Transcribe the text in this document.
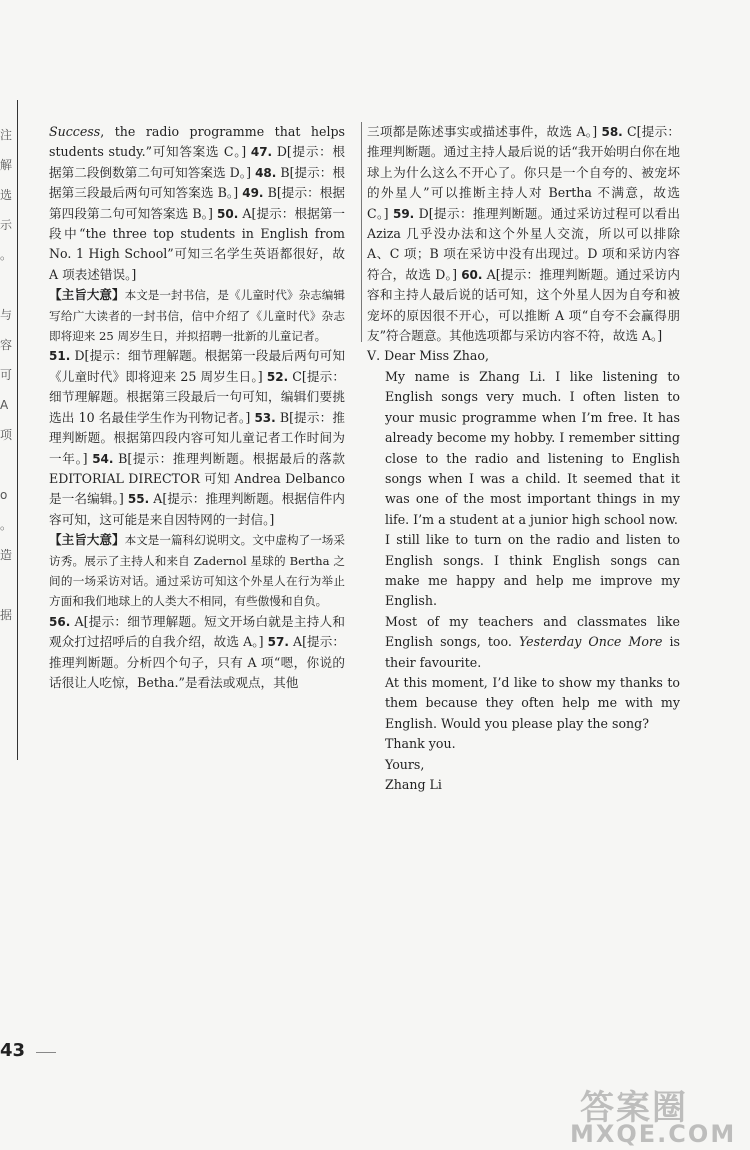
注
解
选
示
。
与
容
可
A
项
o
。
造
据

Success, the radio programme that helps students study.”可知答案选 C。] 47. D[提示：根据第二段倒数第二句可知答案选 D。] 48. B[提示：根据第三段最后两句可知答案选 B。] 49. B[提示：根据第四段第二句可知答案选 B。] 50. A[提示：根据第一段中“the three top students in English from No. 1 High School”可知三名学生英语都很好，故 A 项表述错误。]

【主旨大意】本文是一封书信，是《儿童时代》杂志编辑写给广大读者的一封书信，信中介绍了《儿童时代》杂志即将迎来 25 周岁生日，并拟招聘一批新的儿童记者。

51. D[提示：细节理解题。根据第一段最后两句可知《儿童时代》即将迎来 25 周岁生日。] 52. C[提示：细节理解题。根据第三段最后一句可知，编辑们要挑选出 10 名最佳学生作为刊物记者。] 53. B[提示：推理判断题。根据第四段内容可知儿童记者工作时间为一年。] 54. B[提示：推理判断题。根据最后的落款 EDITORIAL DIRECTOR 可知 Andrea Delbanco 是一名编辑。] 55. A[提示：推理判断题。根据信件内容可知，这可能是来自因特网的一封信。]

【主旨大意】本文是一篇科幻说明文。文中虚构了一场采访秀。展示了主持人和来自 Zadernol 星球的 Bertha 之间的一场采访对话。通过采访可知这个外星人在行为举止方面和我们地球上的人类大不相同，有些傲慢和自负。

56. A[提示：细节理解题。短文开场白就是主持人和观众打过招呼后的自我介绍，故选 A。] 57. A[提示：推理判断题。分析四个句子，只有 A 项“嗯，你说的话很让人吃惊，Betha.”是看法或观点，其他

三项都是陈述事实或描述事件，故选 A。] 58. C[提示：推理判断题。通过主持人最后说的话“我开始明白你在地球上为什么这么不开心了。你只是一个自夸的、被宠坏的外星人”可以推断主持人对 Bertha 不满意，故选 C。] 59. D[提示：推理判断题。通过采访过程可以看出 Aziza 几乎没办法和这个外星人交流，所以可以排除 A、C 项；B 项在采访中没有出现过。D 项和采访内容符合，故选 D。] 60. A[提示：推理判断题。通过采访内容和主持人最后说的话可知，这个外星人因为自夸和被宠坏的原因很不开心，可以推断 A 项“自夸不会赢得朋友”符合题意。其他选项都与采访内容不符，故选 A。]

Ⅴ. Dear Miss Zhao,

My name is Zhang Li. I like listening to English songs very much. I often listen to your music programme when I’m free. It has already become my hobby. I remember sitting close to the radio and listening to English songs when I was a child. It seemed that it was one of the most important things in my life. I’m a student at a junior high school now.

I still like to turn on the radio and listen to English songs. I think English songs can make me happy and help me improve my English.

Most of my teachers and classmates like English songs, too. Yesterday Once More is their favourite.

At this moment, I’d like to show my thanks to them because they often help me with my English. Would you please play the song?

Thank you.

Yours,

Zhang Li

43
答案圈
MXQE.COM
